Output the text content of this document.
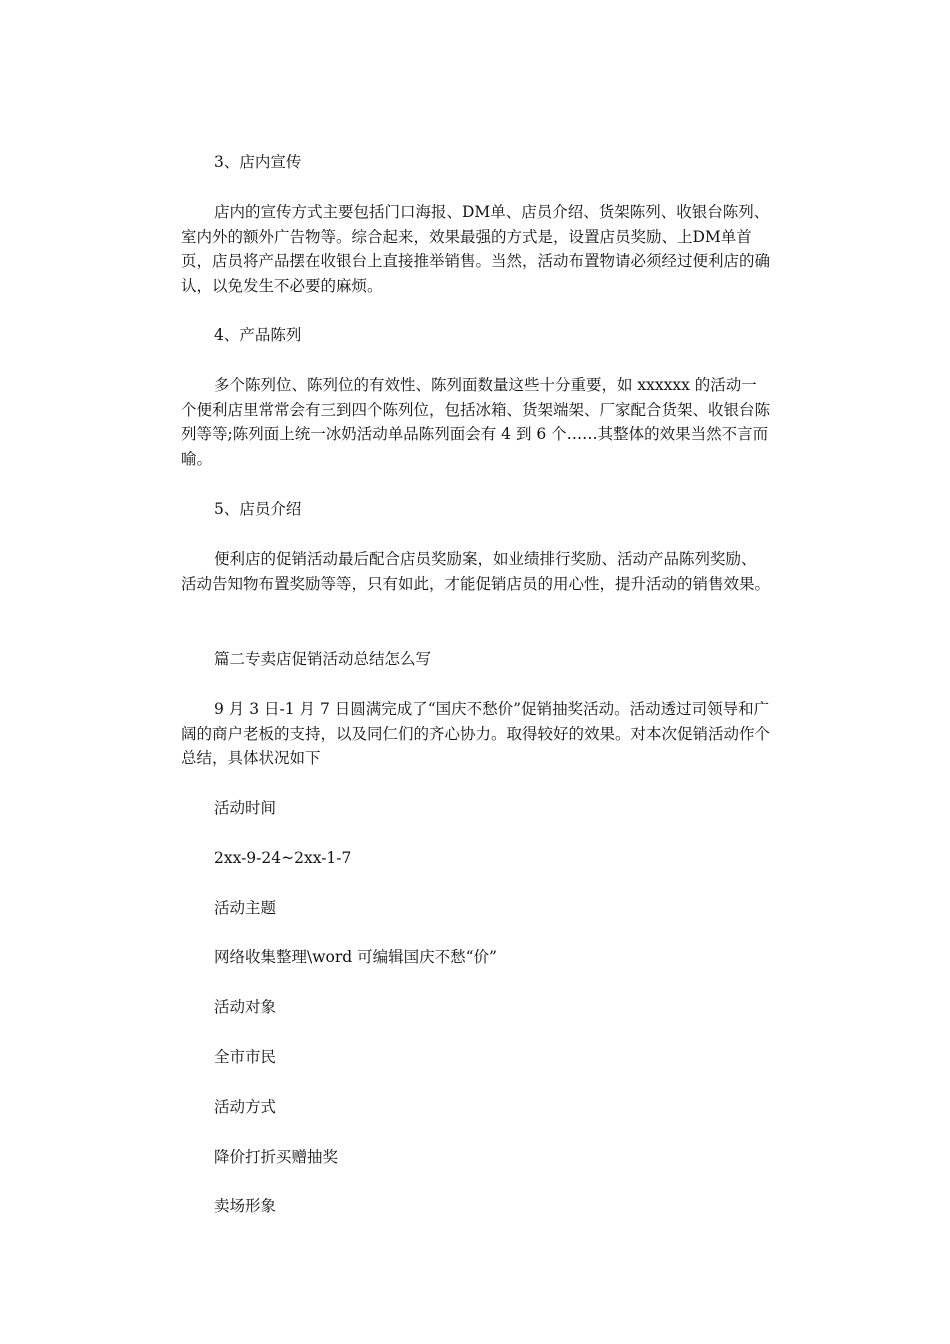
3、店内宣传

店内的宣传方式主要包括门口海报、DM单、店员介绍、货架陈列、收银台陈列、室内外的额外广告物等。综合起来，效果最强的方式是，设置店员奖励、上DM单首页，店员将产品摆在收银台上直接推举销售。当然，活动布置物请必须经过便利店的确认，以免发生不必要的麻烦。

4、产品陈列

多个陈列位、陈列位的有效性、陈列面数量这些十分重要，如 xxxxxx 的活动一个便利店里常常会有三到四个陈列位，包括冰箱、货架端架、厂家配合货架、收银台陈列等等;陈列面上统一冰奶活动单品陈列面会有 4 到 6 个……其整体的效果当然不言而喻。

5、店员介绍

便利店的促销活动最后配合店员奖励案，如业绩排行奖励、活动产品陈列奖励、活动告知物布置奖励等等，只有如此，才能促销店员的用心性，提升活动的销售效果。

篇二专卖店促销活动总结怎么写

9 月 3 日-1 月 7 日圆满完成了“国庆不愁价”促销抽奖活动。活动透过司领导和广阔的商户老板的支持，以及同仁们的齐心协力。取得较好的效果。对本次促销活动作个总结，具体状况如下

活动时间

2xx-9-24~2xx-1-7

活动主题

网络收集整理\word 可编辑国庆不愁“价”

活动对象

全市市民

活动方式

降价打折买赠抽奖

卖场形象
